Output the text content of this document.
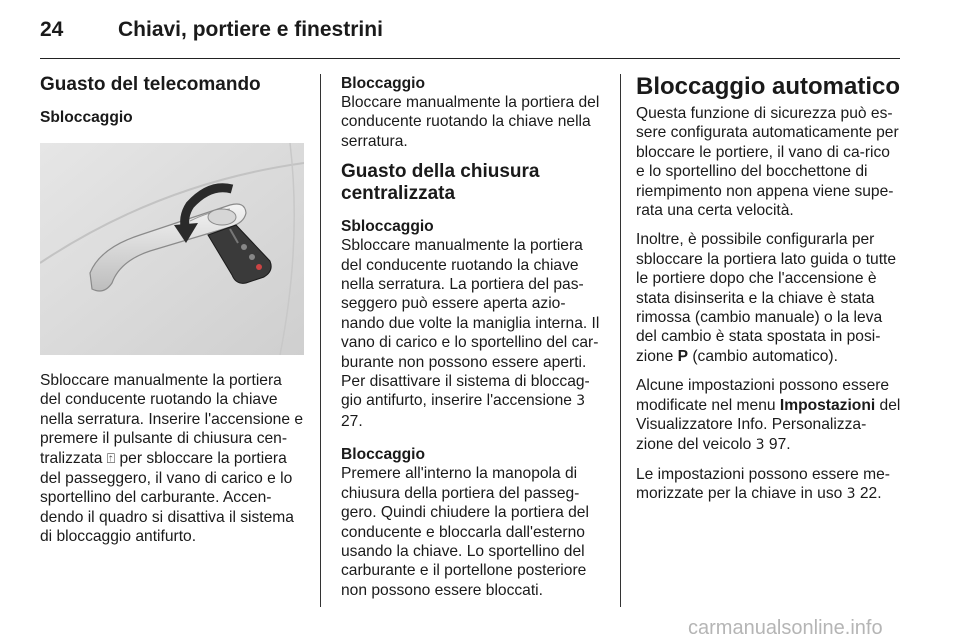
24	Chiavi, portiere e finestrini
Guasto del telecomando
Sbloccaggio

Sbloccare manualmente la portiera del conducente ruotando la chiave nella serratura. Inserire l'accensione e premere il pulsante di chiusura cen-tralizzata ⍐ per sbloccare la portiera del passeggero, il vano di carico e lo sportellino del carburante. Accen-dendo il quadro si disattiva il sistema di bloccaggio antifurto.

Bloccaggio

Bloccare manualmente la portiera del conducente ruotando la chiave nella serratura.

Guasto della chiusura centralizzata
Sbloccaggio

Sbloccare manualmente la portiera del conducente ruotando la chiave nella serratura. La portiera del pas-seggero può essere aperta azio-nando due volte la maniglia interna. Il vano di carico e lo sportellino del car-burante non possono essere aperti. Per disattivare il sistema di bloccag-gio antifurto, inserire l'accensione 3 27.

Bloccaggio

Premere all'interno la manopola di chiusura della portiera del passeg-gero. Quindi chiudere la portiera del conducente e bloccarla dall'esterno usando la chiave. Lo sportellino del carburante e il portellone posteriore non possono essere bloccati.

Bloccaggio automatico

Questa funzione di sicurezza può es-sere configurata automaticamente per bloccare le portiere, il vano di ca-rico e lo sportellino del bocchettone di riempimento non appena viene supe-rata una certa velocità.

Inoltre, è possibile configurarla per sbloccare la portiera lato guida o tutte le portiere dopo che l'accensione è stata disinserita e la chiave è stata rimossa (cambio manuale) o la leva del cambio è stata spostata in posi-zione P (cambio automatico).

Alcune impostazioni possono essere modificate nel menu Impostazioni del Visualizzatore Info. Personalizza-zione del veicolo 3 97.

Le impostazioni possono essere me-morizzate per la chiave in uso 3 22.

carmanualsonline.info
